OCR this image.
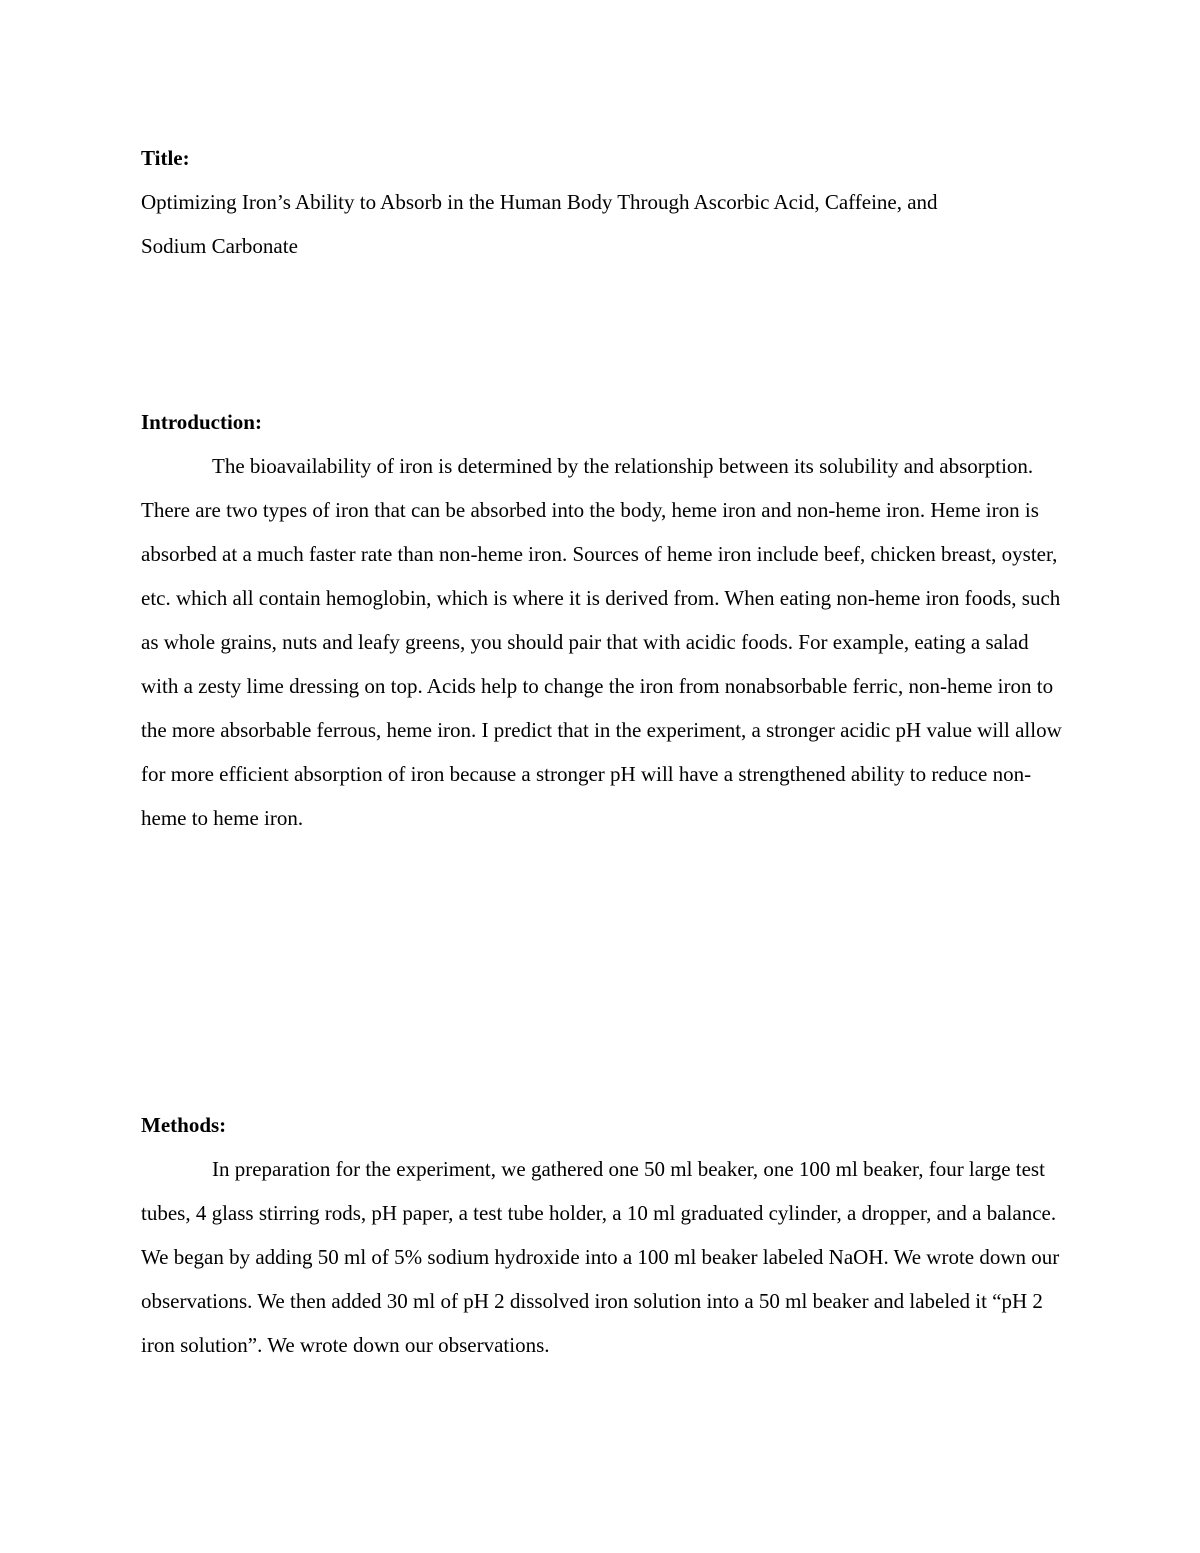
Title:
Optimizing Iron’s Ability to Absorb in the Human Body Through Ascorbic Acid, Caffeine, and Sodium Carbonate
Introduction:

The bioavailability of iron is determined by the relationship between its solubility and absorption. There are two types of iron that can be absorbed into the body, heme iron and non-heme iron. Heme iron is absorbed at a much faster rate than non-heme iron. Sources of heme iron include beef, chicken breast, oyster, etc. which all contain hemoglobin, which is where it is derived from. When eating non-heme iron foods, such as whole grains, nuts and leafy greens, you should pair that with acidic foods. For example, eating a salad with a zesty lime dressing on top. Acids help to change the iron from nonabsorbable ferric, non-heme iron to the more absorbable ferrous, heme iron. I predict that in the experiment, a stronger acidic pH value will allow for more efficient absorption of iron because a stronger pH will have a strengthened ability to reduce non-heme to heme iron.

Methods:

In preparation for the experiment, we gathered one 50 ml beaker, one 100 ml beaker, four large test tubes, 4 glass stirring rods, pH paper, a test tube holder, a 10 ml graduated cylinder, a dropper, and a balance. We began by adding 50 ml of 5% sodium hydroxide into a 100 ml beaker labeled NaOH. We wrote down our observations. We then added 30 ml of pH 2 dissolved iron solution into a 50 ml beaker and labeled it “pH 2 iron solution”. We wrote down our observations.
